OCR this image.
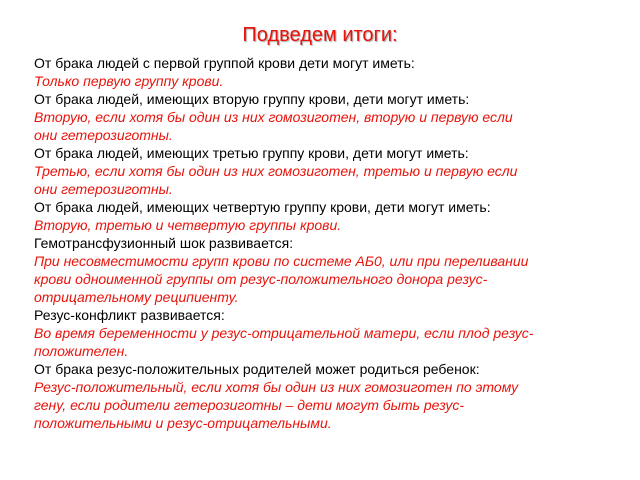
Подведем итоги:

От брака людей с первой группой крови дети могут иметь:

Только первую группу крови.

От брака людей, имеющих вторую группу крови, дети могут иметь:

Вторую, если хотя бы один из них гомозиготен, вторую и первую если

они гетерозиготны.

От брака людей, имеющих третью группу крови, дети могут иметь:

Третью, если хотя бы один из них гомозиготен, третью и первую если

они гетерозиготны.

От брака людей, имеющих четвертую группу крови, дети могут иметь:

Вторую, третью и четвертую группы крови.

Гемотрансфузионный шок развивается:

При несовместимости групп крови по системе АБ0, или при переливании

крови одноименной группы от резус-положительного донора резус-

отрицательному реципиенту.

Резус-конфликт развивается:

Во время беременности у резус-отрицательной матери, если плод резус-

положителен.

От брака резус-положительных родителей может родиться ребенок:

Резус-положительный, если хотя бы один из них гомозиготен по этому

гену, если родители гетерозиготны – дети могут быть резус-

положительными и резус-отрицательными.
